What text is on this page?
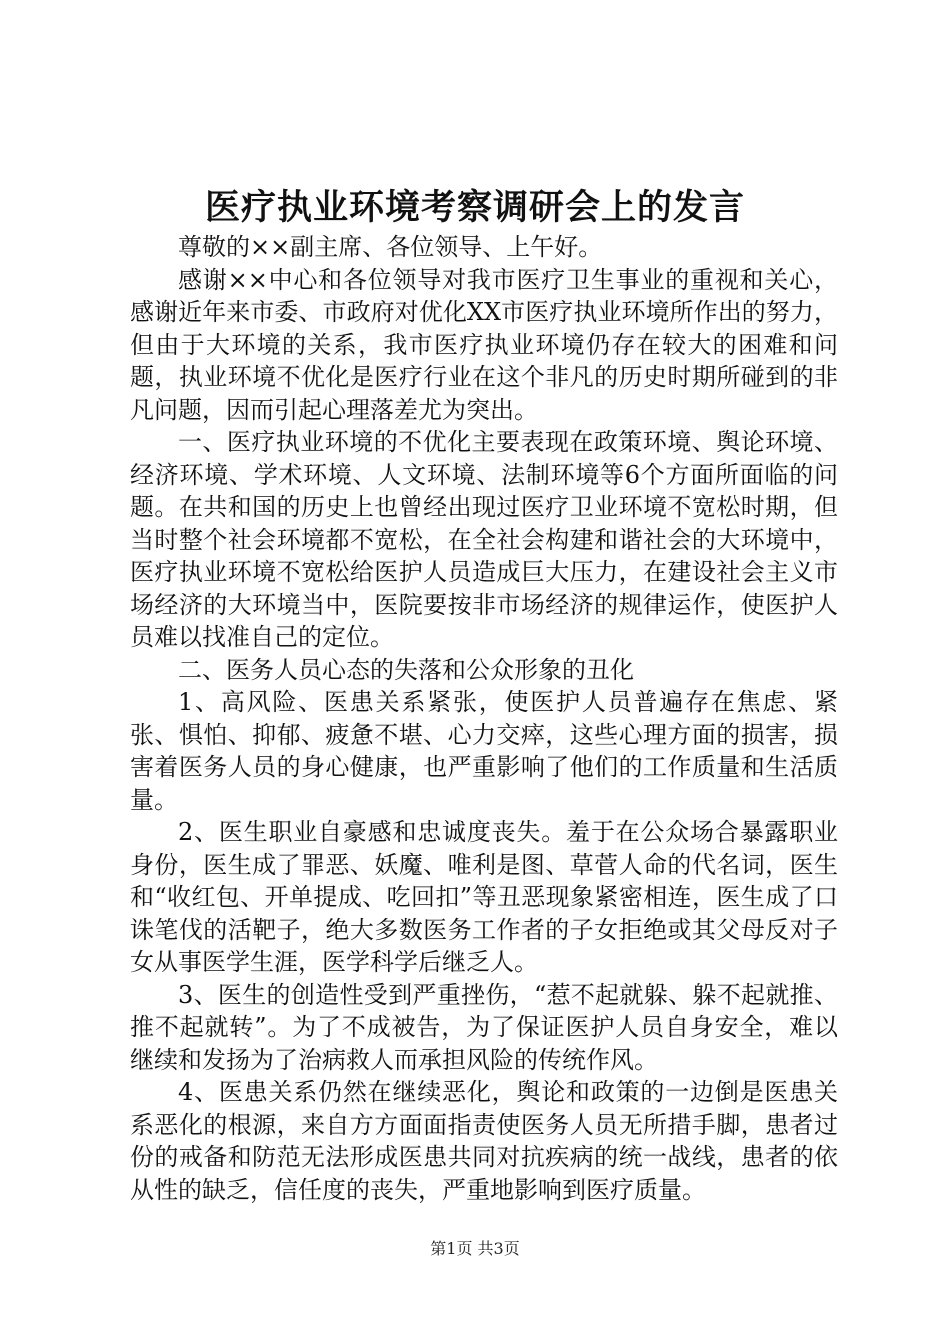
医疗执业环境考察调研会上的发言

尊敬的××副主席、各位领导、上午好。

感谢××中心和各位领导对我市医疗卫生事业的重视和关心，感谢近年来市委、市政府对优化XX市医疗执业环境所作出的努力，但由于大环境的关系，我市医疗执业环境仍存在较大的困难和问题，执业环境不优化是医疗行业在这个非凡的历史时期所碰到的非凡问题，因而引起心理落差尤为突出。

一、医疗执业环境的不优化主要表现在政策环境、舆论环境、经济环境、学术环境、人文环境、法制环境等6个方面所面临的问题。在共和国的历史上也曾经出现过医疗卫业环境不宽松时期，但当时整个社会环境都不宽松，在全社会构建和谐社会的大环境中，医疗执业环境不宽松给医护人员造成巨大压力，在建设社会主义市场经济的大环境当中，医院要按非市场经济的规律运作，使医护人员难以找准自己的定位。

二、医务人员心态的失落和公众形象的丑化

1、高风险、医患关系紧张，使医护人员普遍存在焦虑、紧张、惧怕、抑郁、疲惫不堪、心力交瘁，这些心理方面的损害，损害着医务人员的身心健康，也严重影响了他们的工作质量和生活质量。

2、医生职业自豪感和忠诚度丧失。羞于在公众场合暴露职业身份，医生成了罪恶、妖魔、唯利是图、草菅人命的代名词，医生和“收红包、开单提成、吃回扣”等丑恶现象紧密相连，医生成了口诛笔伐的活靶子，绝大多数医务工作者的子女拒绝或其父母反对子女从事医学生涯，医学科学后继乏人。

3、医生的创造性受到严重挫伤，“惹不起就躲、躲不起就推、推不起就转”。为了不成被告，为了保证医护人员自身安全，难以继续和发扬为了治病救人而承担风险的传统作风。

4、医患关系仍然在继续恶化，舆论和政策的一边倒是医患关系恶化的根源，来自方方面面指责使医务人员无所措手脚，患者过份的戒备和防范无法形成医患共同对抗疾病的统一战线，患者的依从性的缺乏，信任度的丧失，严重地影响到医疗质量。

第1页 共3页
